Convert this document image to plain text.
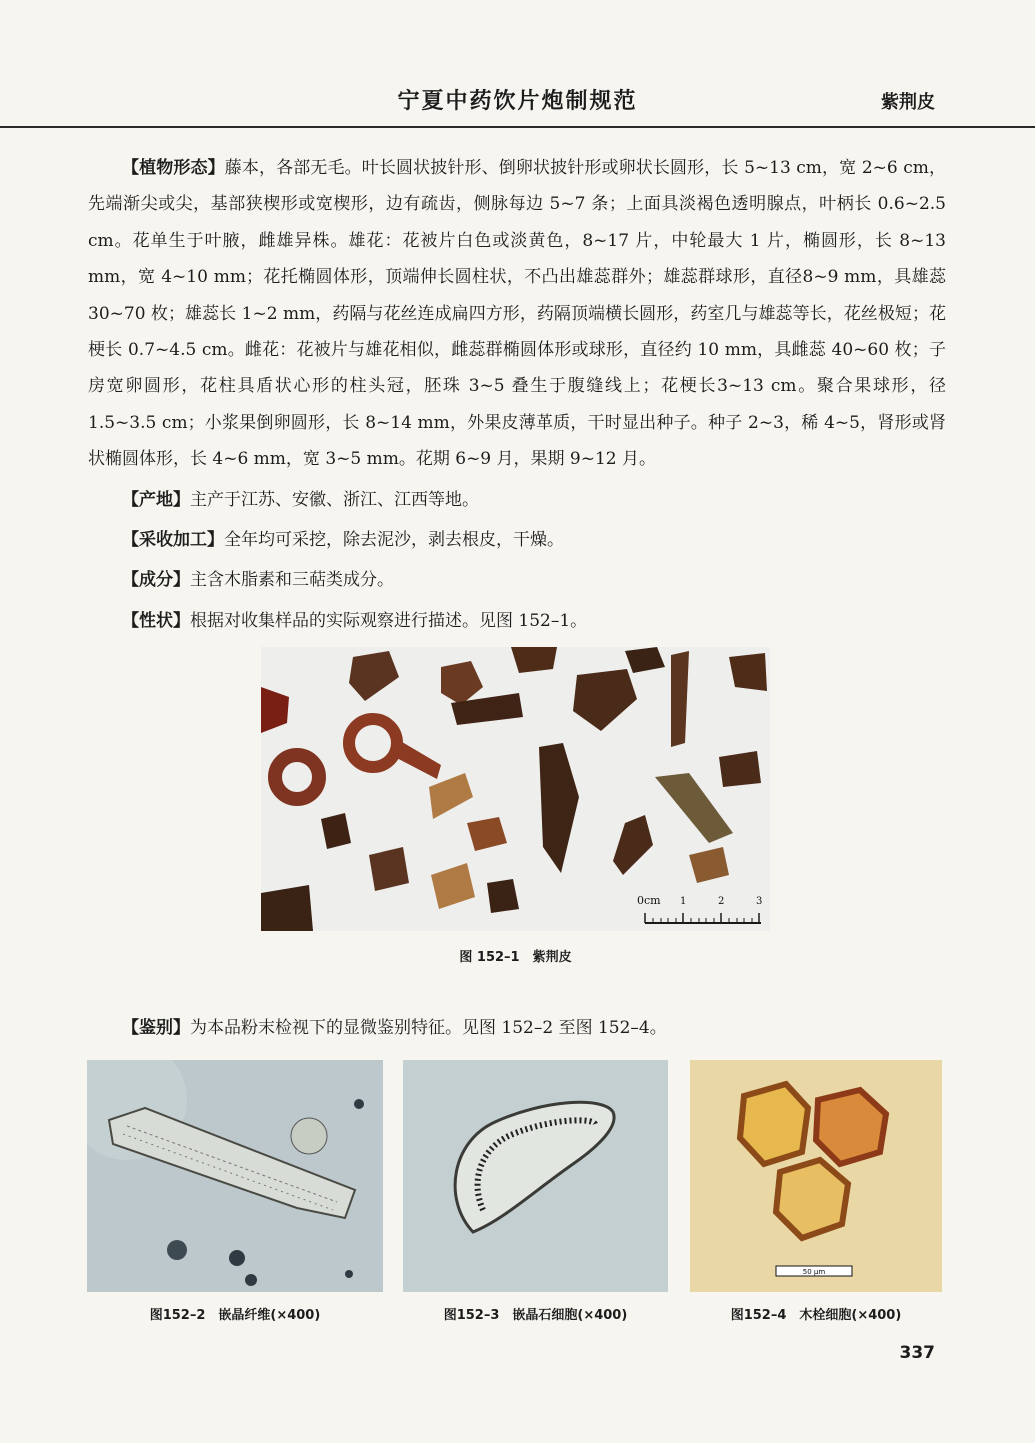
宁夏中药饮片炮制规范	紫荆皮

【植物形态】藤本，各部无毛。叶长圆状披针形、倒卵状披针形或卵状长圆形，长 5~13 cm，宽 2~6 cm，先端渐尖或尖，基部狭楔形或宽楔形，边有疏齿，侧脉每边 5~7 条；上面具淡褐色透明腺点，叶柄长 0.6~2.5 cm。花单生于叶腋，雌雄异株。雄花：花被片白色或淡黄色，8~17 片，中轮最大 1 片，椭圆形，长 8~13 mm，宽 4~10 mm；花托椭圆体形，顶端伸长圆柱状，不凸出雄蕊群外；雄蕊群球形，直径8~9 mm，具雄蕊 30~70 枚；雄蕊长 1~2 mm，药隔与花丝连成扁四方形，药隔顶端横长圆形，药室几与雄蕊等长，花丝极短；花梗长 0.7~4.5 cm。雌花：花被片与雄花相似，雌蕊群椭圆体形或球形，直径约 10 mm，具雌蕊 40~60 枚；子房宽卵圆形，花柱具盾状心形的柱头冠，胚珠 3~5 叠生于腹缝线上；花梗长3~13 cm。聚合果球形，径 1.5~3.5 cm；小浆果倒卵圆形，长 8~14 mm，外果皮薄革质，干时显出种子。种子 2~3，稀 4~5，肾形或肾状椭圆体形，长 4~6 mm，宽 3~5 mm。花期 6~9 月，果期 9~12 月。

【产地】主产于江苏、安徽、浙江、江西等地。

【采收加工】全年均可采挖，除去泥沙，剥去根皮，干燥。

【成分】主含木脂素和三萜类成分。

【性状】根据对收集样品的实际观察进行描述。见图 152–1。

0cm 1	2	3
图 152–1　紫荆皮

【鉴别】为本品粉末检视下的显微鉴别特征。见图 152–2 至图 152–4。

图152–2　嵌晶纤维(×400)	图152–3　嵌晶石细胞(×400)
50 μm
图152–4　木栓细胞(×400)
337
